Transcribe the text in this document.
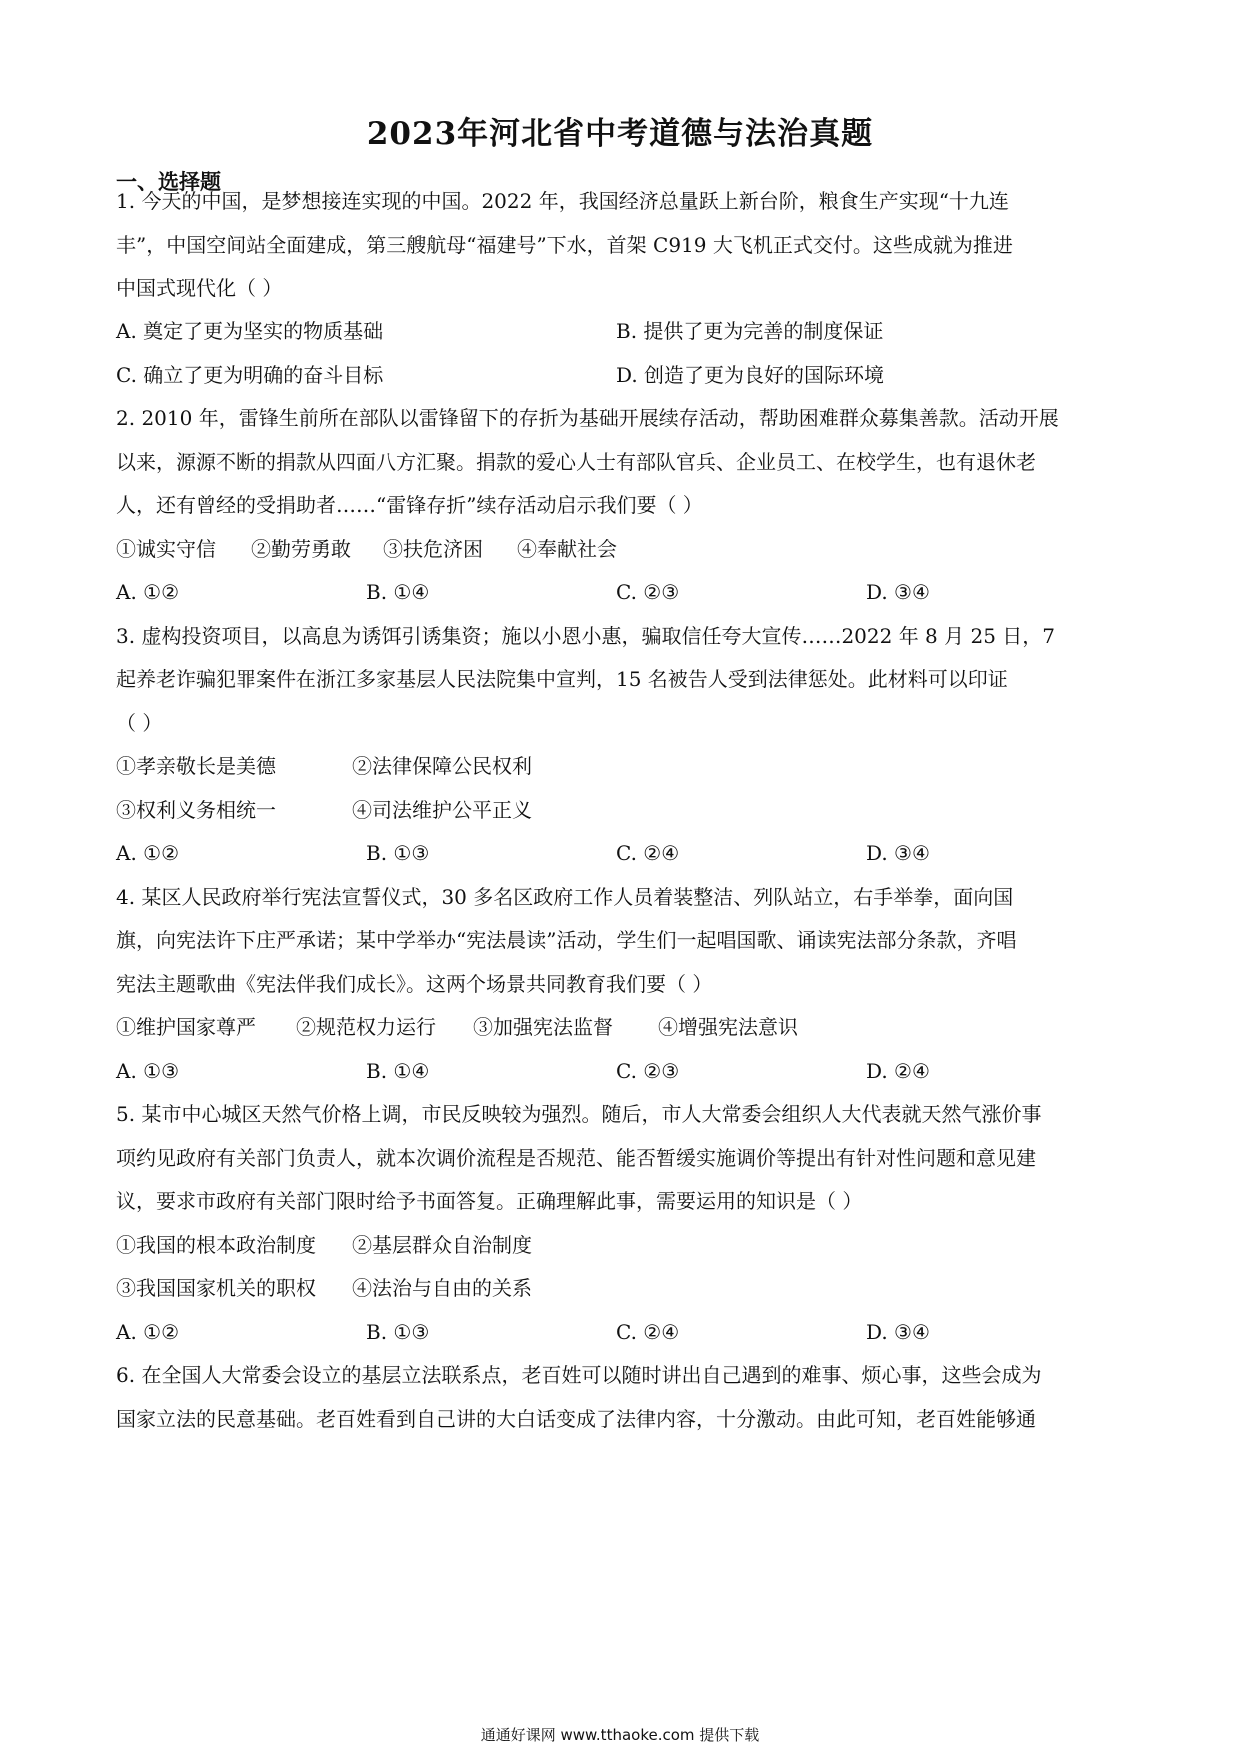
2023年河北省中考道德与法治真题
一、选择题
1. 今天的中国，是梦想接连实现的中国。2022 年，我国经济总量跃上新台阶，粮食生产实现“十九连
丰”，中国空间站全面建成，第三艘航母“福建号”下水，首架 C919 大飞机正式交付。这些成就为推进
中国式现代化（ ）
A. 奠定了更为坚实的物质基础	B. 提供了更为完善的制度保证
C. 确立了更为明确的奋斗目标	D. 创造了更为良好的国际环境
2. 2010 年，雷锋生前所在部队以雷锋留下的存折为基础开展续存活动，帮助困难群众募集善款。活动开展
以来，源源不断的捐款从四面八方汇聚。捐款的爱心人士有部队官兵、企业员工、在校学生，也有退休老
人，还有曾经的受捐助者……“雷锋存折”续存活动启示我们要（ ）
①诚实守信 ②勤劳勇敢 ③扶危济困 ④奉献社会
A. ①②	B. ①④	C. ②③	D. ③④
3. 虚构投资项目，以高息为诱饵引诱集资；施以小恩小惠，骗取信任夸大宣传……2022 年 8 月 25 日，7
起养老诈骗犯罪案件在浙江多家基层人民法院集中宣判，15 名被告人受到法律惩处。此材料可以印证
（ ）
①孝亲敬长是美德	②法律保障公民权利
③权利义务相统一	④司法维护公平正义
A. ①②	B. ①③	C. ②④	D. ③④
4. 某区人民政府举行宪法宣誓仪式，30 多名区政府工作人员着装整洁、列队站立，右手举拳，面向国
旗，向宪法许下庄严承诺；某中学举办“宪法晨读”活动，学生们一起唱国歌、诵读宪法部分条款，齐唱
宪法主题歌曲《宪法伴我们成长》。这两个场景共同教育我们要（ ）
①维护国家尊严 ②规范权力运行 ③加强宪法监督 ④增强宪法意识
A. ①③	B. ①④	C. ②③	D. ②④
5. 某市中心城区天然气价格上调，市民反映较为强烈。随后，市人大常委会组织人大代表就天然气涨价事
项约见政府有关部门负责人，就本次调价流程是否规范、能否暂缓实施调价等提出有针对性问题和意见建
议，要求市政府有关部门限时给予书面答复。正确理解此事，需要运用的知识是（ ）
①我国的根本政治制度 ②基层群众自治制度
③我国国家机关的职权 ④法治与自由的关系
A. ①②	B. ①③	C. ②④	D. ③④
6. 在全国人大常委会设立的基层立法联系点，老百姓可以随时讲出自己遇到的难事、烦心事，这些会成为
国家立法的民意基础。老百姓看到自己讲的大白话变成了法律内容，十分激动。由此可知，老百姓能够通
通通好课网 www.tthaoke.com 提供下载
